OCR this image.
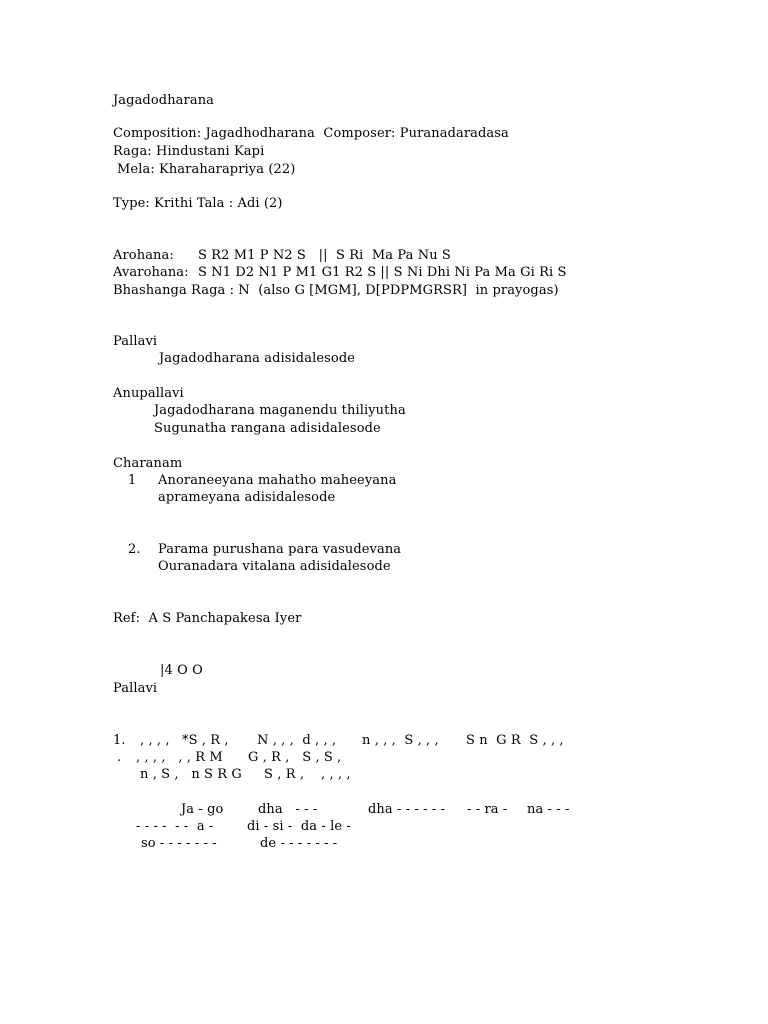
Jagadodharana
Composition: Jagadhodharana  Composer: Puranadaradasa
Raga: Hindustani Kapi
Mela: Kharaharapriya (22)
Type: Krithi Tala : Adi (2)
Arohana: S R2 M1 P N2 S   ||  S Ri  Ma Pa Nu S
Avarohana: S N1 D2 N1 P M1 G1 R2 S || S Ni Dhi Ni Pa Ma Gi Ri S
Bhashanga Raga : N  (also G [MGM], D[PDPMGRSR]  in prayogas)
Pallavi
Jagadodharana adisidalesode
Anupallavi
Jagadodharana maganendu thiliyutha
Sugunatha rangana adisidalesode
Charanam
1 Anoraneeyana mahatho maheeyana
aprameyana adisidalesode
2. Parama purushana para vasudevana
Ouranadara vitalana adisidalesode
Ref:  A S Panchapakesa Iyer
|4 O O
Pallavi
1. , , , , *S , R , N , , ,  d , , , n , , ,  S , , , S n  G R  S , , ,
. , , , ,   , , R M G , R ,   S , S ,
n , S ,   n S R G S , R ,    , , , ,
Ja - go	dha   - - -	dha - - - - - - - - ra - na - - -
- - - -  - -  a -	di - si -  da - le -
so - - - - - - -	de - - - - - - -
